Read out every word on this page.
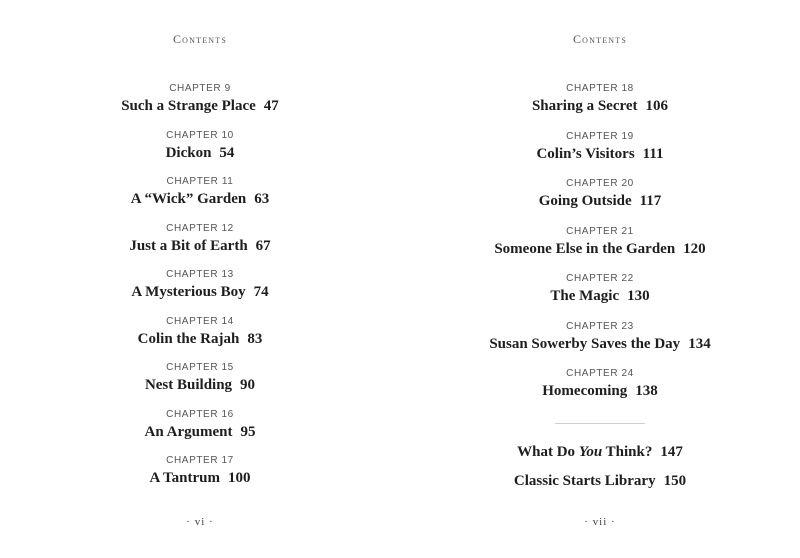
Contents

CHAPTER 9

Such a Strange Place 47

CHAPTER 10

Dickon 54

CHAPTER 11

A “Wick” Garden 63

CHAPTER 12

Just a Bit of Earth 67

CHAPTER 13

A Mysterious Boy 74

CHAPTER 14

Colin the Rajah 83

CHAPTER 15

Nest Building 90

CHAPTER 16

An Argument 95

CHAPTER 17

A Tantrum 100

· vi ·
Contents

CHAPTER 18

Sharing a Secret 106

CHAPTER 19

Colin’s Visitors 111

CHAPTER 20

Going Outside 117

CHAPTER 21

Someone Else in the Garden 120

CHAPTER 22

The Magic 130

CHAPTER 23

Susan Sowerby Saves the Day 134

CHAPTER 24

Homecoming 138

What Do You Think? 147

Classic Starts Library 150

· vii ·
